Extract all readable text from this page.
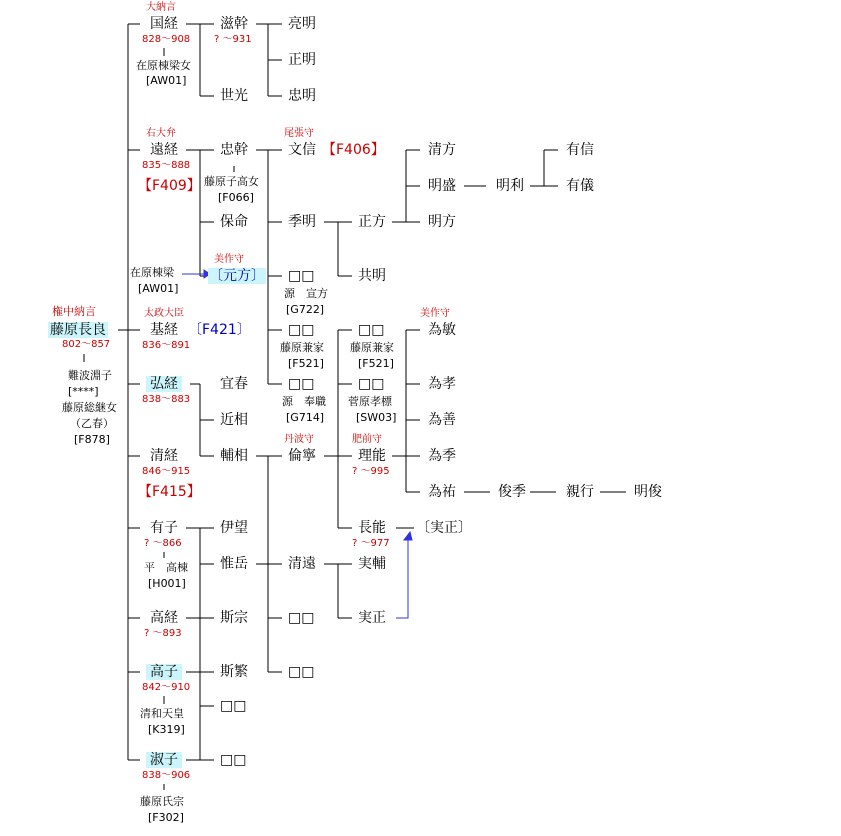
権中納言
藤原長良
802～857
難波淵子
[****]
藤原総継女
（乙春）
[F878]
大納言
国経
828～908
在原棟梁女
[AW01]
滋幹
? ～931
亮明
正明
忠明
世光
右大弁
遠経
835～888
【F409】
忠幹
藤原子高女
[F066]
尾張守
文信 【F406】	清方
明盛	明利
有信
有儀
保命	季明	正方	明方
共明
美作守
〔元方〕
在原棟梁
[AW01]
□□
源　宣方
[G722]
太政大臣
基経 〔F421〕
836～891
□□
藤原兼家
[F521]
□□
藤原兼家
[F521]
美作守
為敏
弘経
838～883
宜春	□□
源　奉職
[G714]
□□
菅原孝標
[SW03]
為孝
近相	為善
清経
846～915
【F415】
輔相
丹波守
倫寧
肥前守
理能
? ～995
為季
為祐	俊季	親行	明俊
有子
? ～866
平　高棟
[H001]
伊望	長能
? ～977
〔実正〕
惟岳	清遠	実輔
高経
? ～893
斯宗	□□	実正
高子
842～910
清和天皇
[K319]
斯繁	□□
□□
淑子
838～906
藤原氏宗
[F302]
□□
